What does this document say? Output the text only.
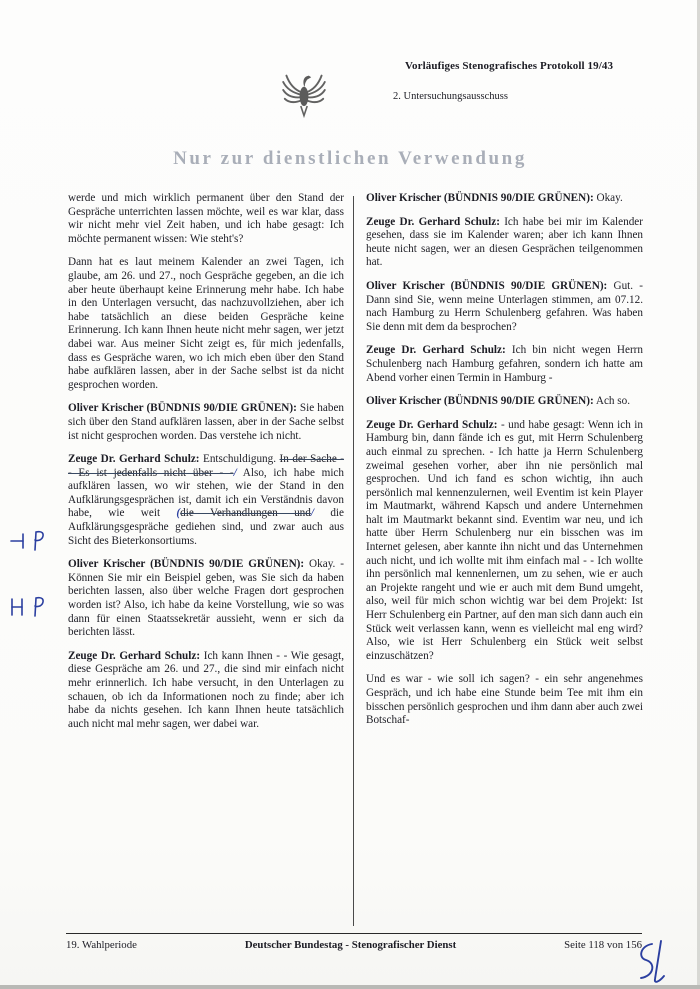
Vorläufiges Stenografisches Protokoll 19/43
2. Untersuchungsausschuss
Nur zur dienstlichen Verwendung

werde und mich wirklich permanent über den Stand der Gespräche unterrichten lassen möchte, weil es war klar, dass wir nicht mehr viel Zeit haben, und ich habe gesagt: Ich möchte permanent wissen: Wie steht's?

Dann hat es laut meinem Kalender an zwei Tagen, ich glaube, am 26. und 27., noch Gespräche gegeben, an die ich aber heute überhaupt keine Erinnerung mehr habe. Ich habe in den Unterlagen versucht, das nachzuvollziehen, aber ich habe tatsächlich an diese beiden Gespräche keine Erinnerung. Ich kann Ihnen heute nicht mehr sagen, wer jetzt dabei war. Aus meiner Sicht zeigt es, für mich jedenfalls, dass es Gespräche waren, wo ich mich eben über den Stand habe aufklären lassen, aber in der Sache selbst ist da nicht gesprochen worden.

Oliver Krischer (BÜNDNIS 90/DIE GRÜNEN): Sie haben sich über den Stand aufklären lassen, aber in der Sache selbst ist nicht gesprochen worden. Das verstehe ich nicht.

Zeuge Dr. Gerhard Schulz: Entschuldigung. In der Sache - - Es ist jedenfalls nicht über - -/ Also, ich habe mich aufklären lassen, wo wir stehen, wie der Stand in den Aufklärungsgesprächen ist, damit ich ein Verständnis davon habe, wie weit (die Verhandlungen und/ die Aufklärungsgespräche gediehen sind, und zwar auch aus Sicht des Bieterkonsortiums.

Oliver Krischer (BÜNDNIS 90/DIE GRÜNEN): Okay. - Können Sie mir ein Beispiel geben, was Sie sich da haben berichten lassen, also über welche Fragen dort gesprochen worden ist? Also, ich habe da keine Vorstellung, wie so was dann für einen Staatssekretär aussieht, wenn er sich da berichten lässt.

Zeuge Dr. Gerhard Schulz: Ich kann Ihnen - - Wie gesagt, diese Gespräche am 26. und 27., die sind mir einfach nicht mehr erinnerlich. Ich habe versucht, in den Unterlagen zu schauen, ob ich da Informationen noch zu finde; aber ich habe da nichts gesehen. Ich kann Ihnen heute tatsächlich auch nicht mal mehr sagen, wer dabei war.

Oliver Krischer (BÜNDNIS 90/DIE GRÜNEN): Okay.

Zeuge Dr. Gerhard Schulz: Ich habe bei mir im Kalender gesehen, dass sie im Kalender waren; aber ich kann Ihnen heute nicht sagen, wer an diesen Gesprächen teilgenommen hat.

Oliver Krischer (BÜNDNIS 90/DIE GRÜNEN): Gut. - Dann sind Sie, wenn meine Unterlagen stimmen, am 07.12. nach Hamburg zu Herrn Schulenberg gefahren. Was haben Sie denn mit dem da besprochen?

Zeuge Dr. Gerhard Schulz: Ich bin nicht wegen Herrn Schulenberg nach Hamburg gefahren, sondern ich hatte am Abend vorher einen Termin in Hamburg -

Oliver Krischer (BÜNDNIS 90/DIE GRÜNEN): Ach so.

Zeuge Dr. Gerhard Schulz: - und habe gesagt: Wenn ich in Hamburg bin, dann fände ich es gut, mit Herrn Schulenberg auch einmal zu sprechen. - Ich hatte ja Herrn Schulenberg zweimal gesehen vorher, aber ihn nie persönlich mal gesprochen. Und ich fand es schon wichtig, ihn auch persönlich mal kennenzulernen, weil Eventim ist kein Player im Mautmarkt, während Kapsch und andere Unternehmen halt im Mautmarkt bekannt sind. Eventim war neu, und ich hatte über Herrn Schulenberg nur ein bisschen was im Internet gelesen, aber kannte ihn nicht und das Unternehmen auch nicht, und ich wollte mit ihm einfach mal - - Ich wollte ihn persönlich mal kennenlernen, um zu sehen, wie er auch an Projekte rangeht und wie er auch mit dem Bund umgeht, also, weil für mich schon wichtig war bei dem Projekt: Ist Herr Schulenberg ein Partner, auf den man sich dann auch ein Stück weit verlassen kann, wenn es vielleicht mal eng wird? Also, wie ist Herr Schulenberg ein Stück weit selbst einzuschätzen?

Und es war - wie soll ich sagen? - ein sehr angenehmes Gespräch, und ich habe eine Stunde beim Tee mit ihm ein bisschen persönlich gesprochen und ihm dann aber auch zwei Botschaf-

19. Wahlperiode	Deutscher Bundestag - Stenografischer Dienst	Seite 118 von 156
